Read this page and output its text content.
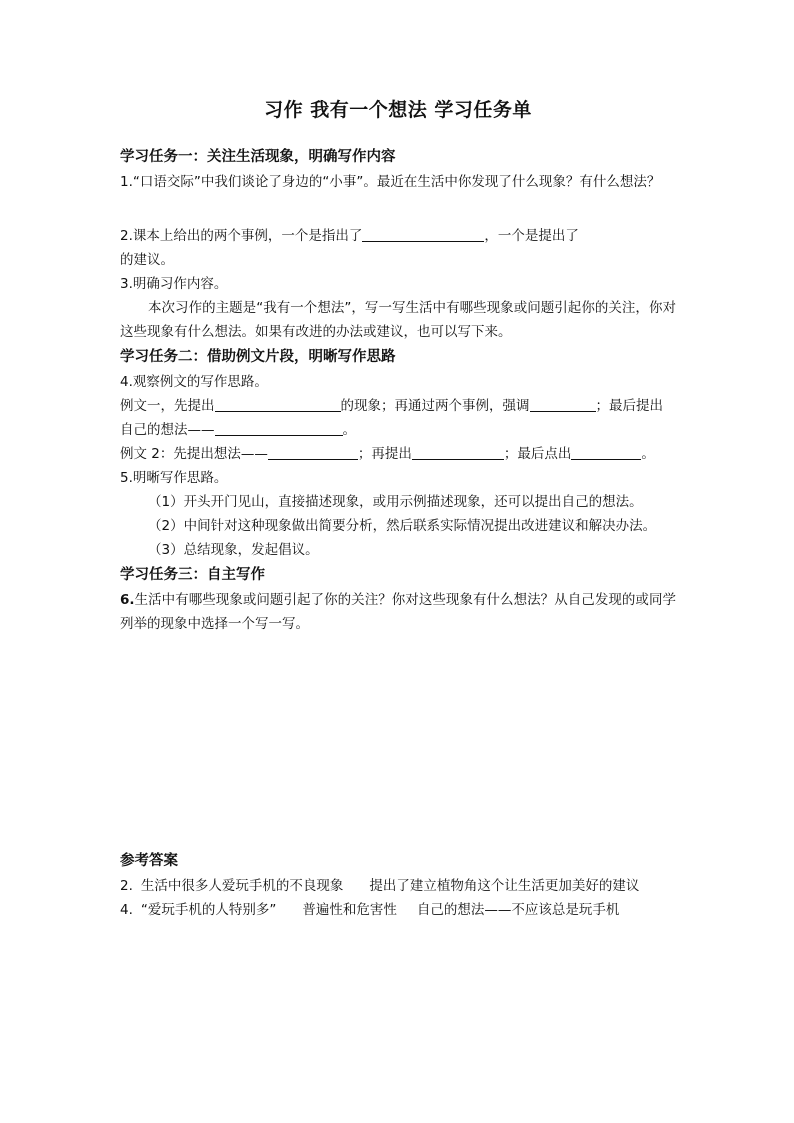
习作 我有一个想法 学习任务单

学习任务一：关注生活现象，明确写作内容

1.“口语交际”中我们谈论了身边的“小事”。最近在生活中你发现了什么现象？有什么想法？

2.课本上给出的两个事例，一个是指出了	，一个是提出了
的建议。

3.明确习作内容。

本次习作的主题是“我有一个想法”，写一写生活中有哪些现象或问题引起你的关注，你对这些现象有什么想法。如果有改进的办法或建议，也可以写下来。

学习任务二：借助例文片段，明晰写作思路

4.观察例文的写作思路。

例文一，先提出	的现象；再通过两个事例，强调	；最后提出

自己的想法——	。

例文 2：先提出想法——	；再提出	；最后点出	。

5.明晰写作思路。

（1）开头开门见山，直接描述现象，或用示例描述现象，还可以提出自己的想法。

（2）中间针对这种现象做出简要分析，然后联系实际情况提出改进建议和解决办法。

（3）总结现象，发起倡议。

学习任务三：自主写作

6.生活中有哪些现象或问题引起了你的关注？你对这些现象有什么想法？从自己发现的或同学列举的现象中选择一个写一写。

参考答案

2. 生活中很多人爱玩手机的不良现象 提出了建立植物角这个让生活更加美好的建议

4. “爱玩手机的人特别多” 普遍性和危害性 自己的想法——不应该总是玩手机
